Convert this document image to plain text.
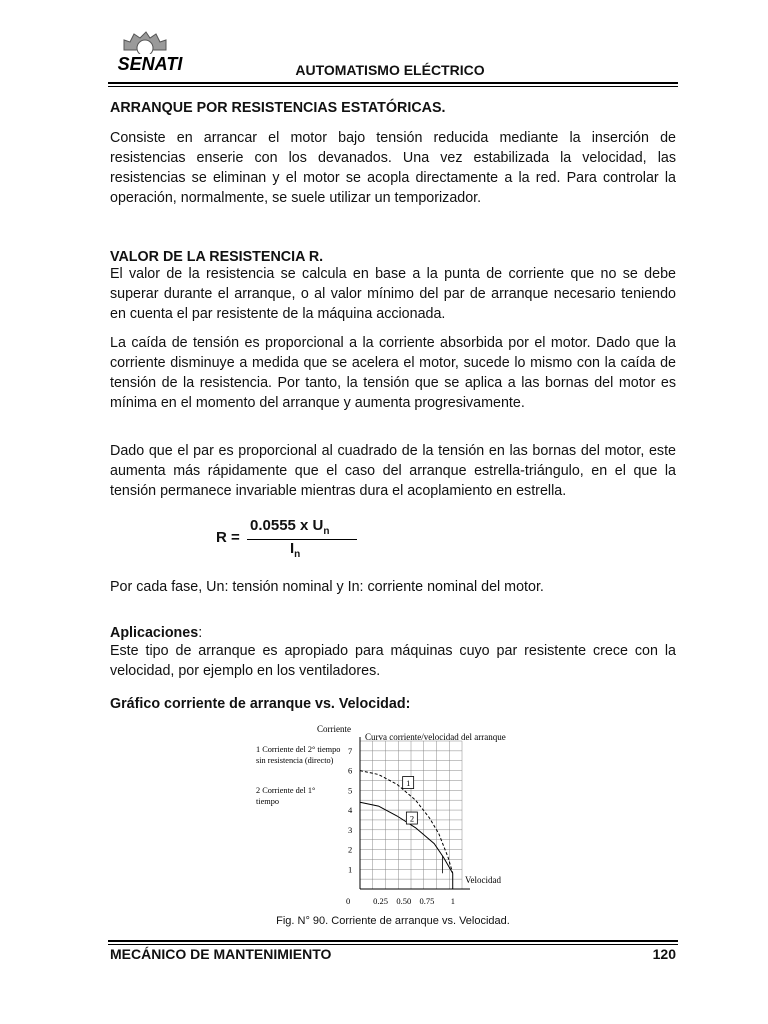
SENATI	AUTOMATISMO ELÉCTRICO

ARRANQUE POR RESISTENCIAS ESTATÓRICAS.

Consiste en arrancar el motor bajo tensión reducida mediante la inserción de resistencias enserie con los devanados. Una vez estabilizada la velocidad, las resistencias se eliminan y el motor se acopla directamente a la red. Para controlar la operación, normalmente, se suele utilizar un temporizador.

VALOR DE LA RESISTENCIA R.

El valor de la resistencia se calcula en base a la punta de corriente que no se debe superar durante el arranque, o al valor mínimo del par de arranque necesario teniendo en cuenta el par resistente de la máquina accionada.

La caída de tensión es proporcional a la corriente absorbida por el motor. Dado que la corriente disminuye a medida que se acelera el motor, sucede lo mismo con la caída de tensión de la resistencia. Por tanto, la tensión que se aplica a las bornas del motor es mínima en el momento del arranque y aumenta progresivamente.

Dado que el par es proporcional al cuadrado de la tensión en las bornas del motor, este aumenta más rápidamente que el caso del arranque estrella-triángulo, en el que la tensión permanece invariable mientras dura el acoplamiento en estrella.

R =
0.0555 x $U_n$
$I_n$

Por cada fase, Un: tensión nominal y In: corriente nominal del motor.

Aplicaciones:

Este tipo de arranque es apropiado para máquinas cuyo par resistente crece con la velocidad, por ejemplo en los ventiladores.

Gráfico corriente de arranque vs. Velocidad:

Corriente
Curva corriente/velocidad del arranque
1 Corriente del 2° tiempo
sin resistencia (directo)
2 Corriente del 1°
tiempo
1
2
3
4
5
6
7
0	0,25 0,50 0,75 1
1
2
Velocidad
Fig. N° 90. Corriente de arranque vs. Velocidad.
MECÁNICO DE MANTENIMIENTO	120
